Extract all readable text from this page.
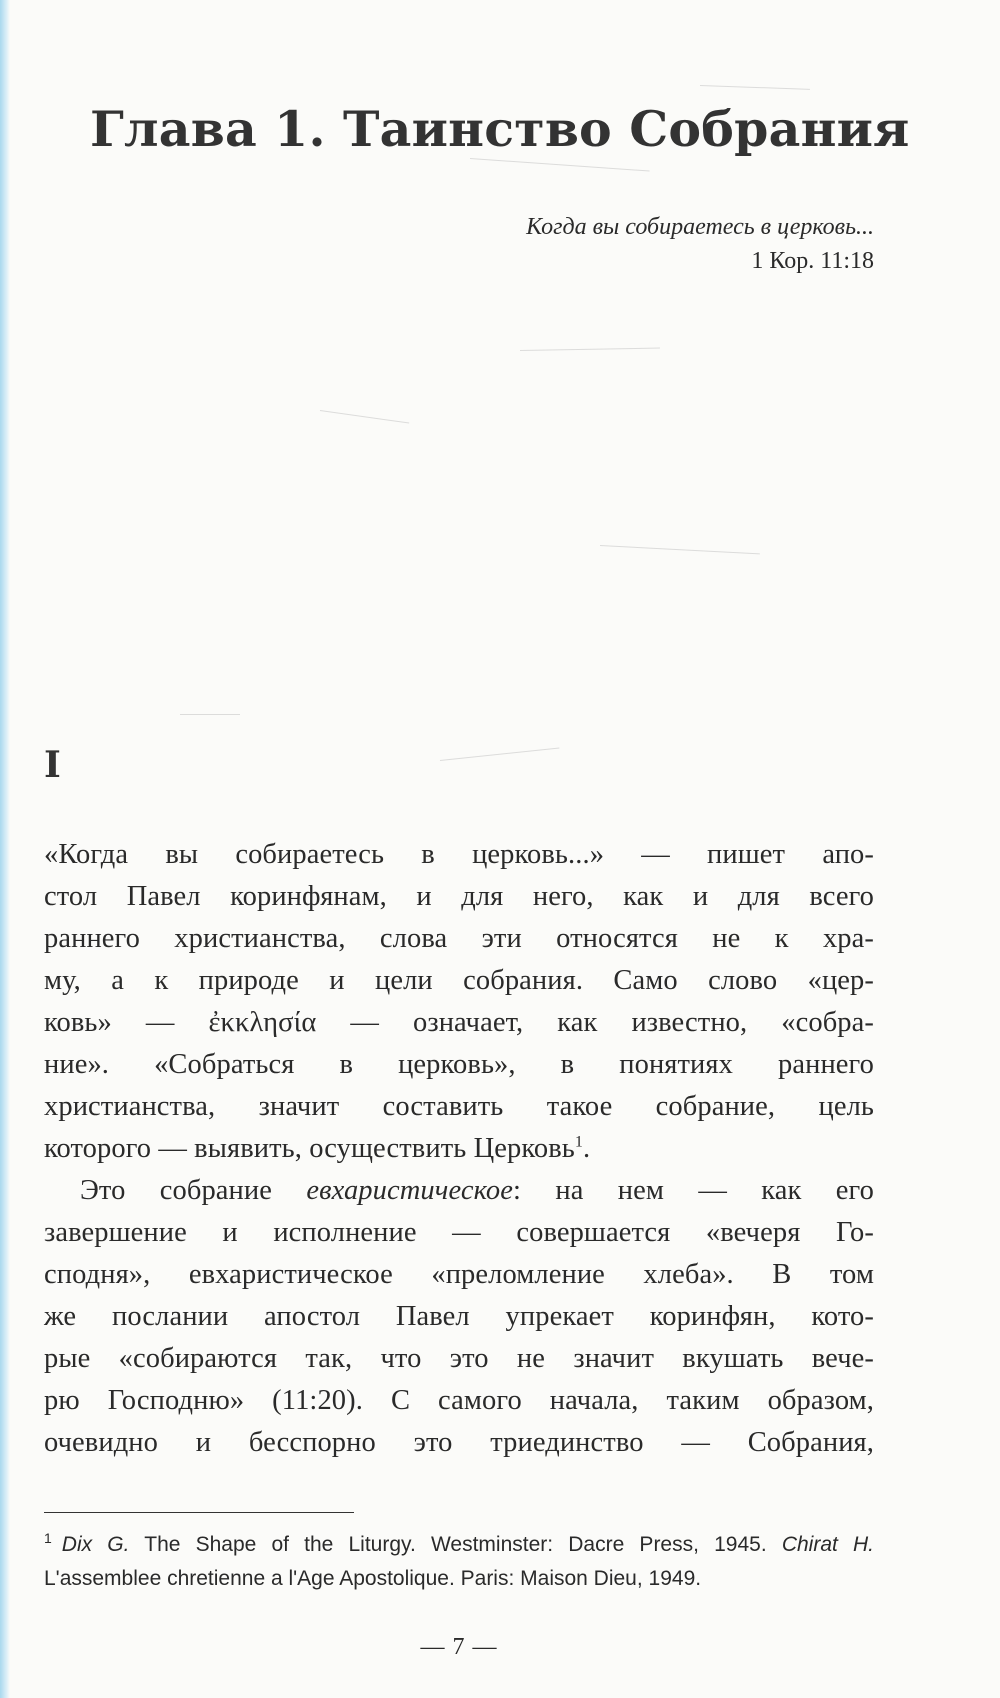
Глава 1. Таинство Собрания
Когда вы собираетесь в церковь...
1 Кор. 11:18
I

«Когда вы собираетесь в церковь...» — пишет апо-

стол Павел коринфянам, и для него, как и для всего

раннего христианства, слова эти относятся не к хра-

му, а к природе и цели собрания. Само слово «цер-

ковь» — ἐκκλησία — означает, как известно, «собра-

ние». «Собраться в церковь», в понятиях раннего

христианства, значит составить такое собрание, цель

которого — выявить, осуществить Церковь$^1$.

Это собрание евхаристическое: на нем — как его

завершение и исполнение — совершается «вечеря Го-

сподня», евхаристическое «преломление хлеба». В том

же послании апостол Павел упрекает коринфян, кото-

рые «собираются так, что это не значит вкушать вече-

рю Господню» (11:20). С самого начала, таким образом,

очевидно и бесспорно это триединство — Собрания,

$^1$ Dix G. The Shape of the Liturgy. Westminster: Dacre Press, 1945. Chirat H.
L'assemblee chretienne a l'Age Apostolique. Paris: Maison Dieu, 1949.
— 7 —
